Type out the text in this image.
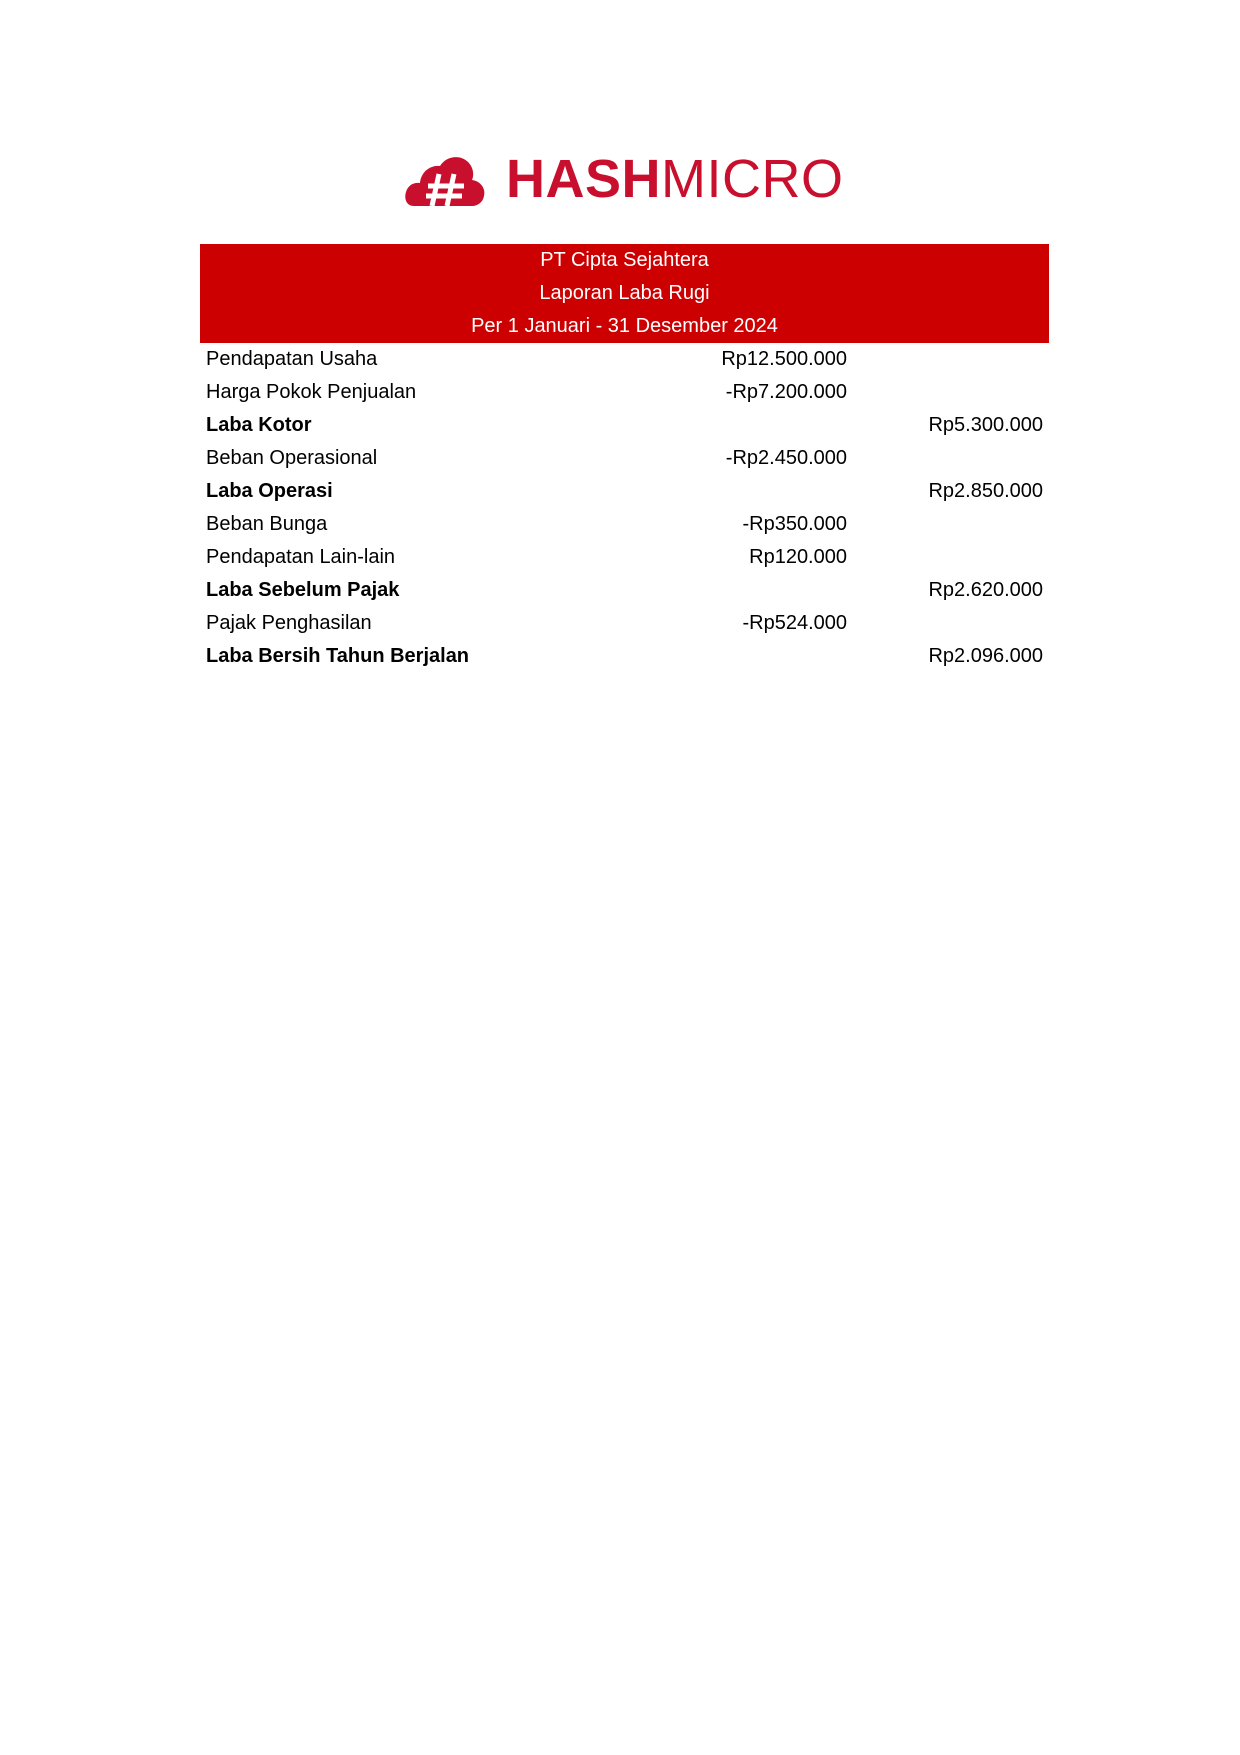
HASHMICRO
PT Cipta Sejahtera
Laporan Laba Rugi
Per 1 Januari - 31 Desember 2024
Pendapatan Usaha	Rp12.500.000
Harga Pokok Penjualan	-Rp7.200.000
Laba Kotor	Rp5.300.000
Beban Operasional	-Rp2.450.000
Laba Operasi	Rp2.850.000
Beban Bunga	-Rp350.000
Pendapatan Lain-lain	Rp120.000
Laba Sebelum Pajak	Rp2.620.000
Pajak Penghasilan	-Rp524.000
Laba Bersih Tahun Berjalan	Rp2.096.000
